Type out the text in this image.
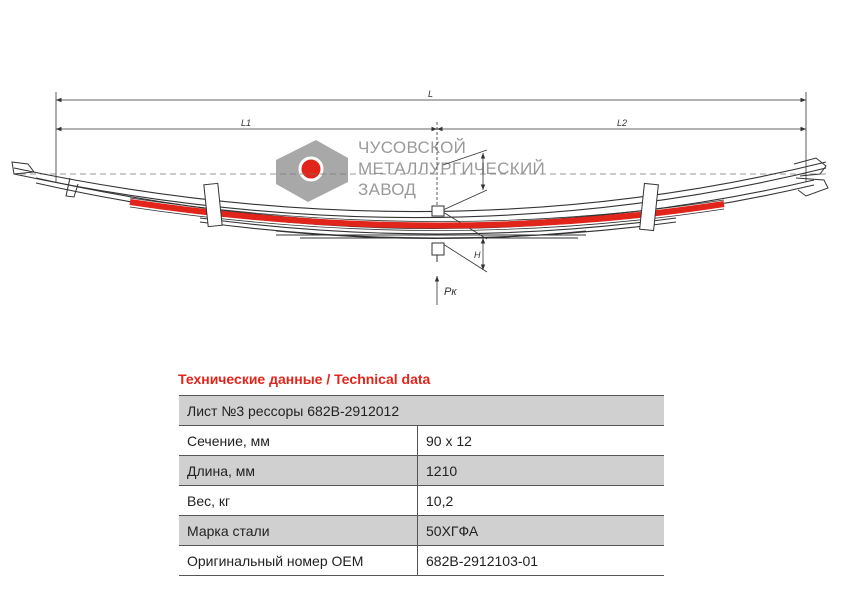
ЧУСОВСКОЙ
МЕТАЛЛУРГИЧЕСКИЙ
ЗАВОД
L
L1	L2
H
Pк
Технические данные / Technical data
Лист №3 рессоры 682В-2912012	
Сечение, мм	90 x 12
Длина, мм	1210
Вес, кг	10,2
Марка стали	50ХГФА
Оригинальный номер OEM	682В-2912103-01
